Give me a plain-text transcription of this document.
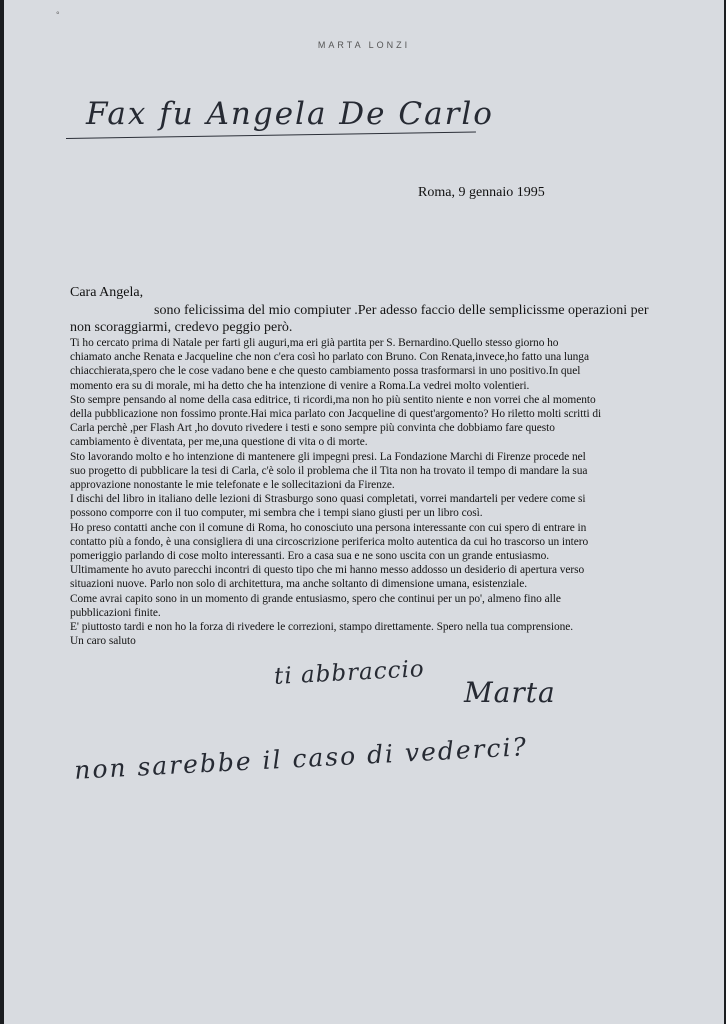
°
MARTA LONZI
Fax fu Angela De Carlo
Roma, 9 gennaio 1995
Cara Angela,

sono felicissima del mio compiuter .Per adesso faccio delle semplicissme operazioni per

non scoraggiarmi, credevo peggio però.

Ti ho cercato prima di Natale per farti gli auguri,ma eri già partita per S. Bernardino.Quello stesso giorno ho

chiamato anche Renata e Jacqueline che non c'era così ho parlato con Bruno. Con Renata,invece,ho fatto una lunga

chiacchierata,spero che le cose vadano bene e che questo cambiamento possa trasformarsi in uno positivo.In quel

momento era su di morale, mi ha detto che ha intenzione di venire a Roma.La vedrei molto volentieri.

Sto sempre pensando al nome della casa editrice, ti ricordi,ma non ho più sentito niente e non vorrei che al momento

della pubblicazione non fossimo pronte.Hai mica parlato con Jacqueline di quest'argomento? Ho riletto molti scritti di

Carla perchè ,per Flash Art ,ho dovuto rivedere i testi e sono sempre più convinta che dobbiamo fare questo

cambiamento è diventata, per me,una questione di vita o di morte.

Sto lavorando molto e ho intenzione di mantenere gli impegni presi. La Fondazione Marchi di Firenze procede nel

suo progetto di pubblicare la tesi di Carla, c'è solo il problema che il Tita non ha trovato il tempo di mandare la sua

approvazione nonostante le mie telefonate e le sollecitazioni da Firenze.

I dischi del libro in italiano delle lezioni di Strasburgo sono quasi completati, vorrei mandarteli per vedere come si

possono comporre con il tuo computer, mi sembra che i tempi siano giusti per un libro così.

Ho preso contatti anche con il comune di Roma, ho conosciuto una persona interessante con cui spero di entrare in

contatto più a fondo, è una consigliera di una circoscrizione periferica molto autentica da cui ho trascorso un intero

pomeriggio parlando di cose molto interessanti. Ero a casa sua e ne sono uscita con un grande entusiasmo.

Ultimamente ho avuto parecchi incontri di questo tipo che mi hanno messo addosso un desiderio di apertura verso

situazioni nuove. Parlo non solo di architettura, ma anche soltanto di dimensione umana, esistenziale.

Come avrai capito sono in un momento di grande entusiasmo, spero che continui per un po', almeno fino alle

pubblicazioni finite.

E' piuttosto tardi e non ho la forza di rivedere le correzioni, stampo direttamente. Spero nella tua comprensione.

Un caro saluto

ti abbraccio
Marta
non sarebbe il caso di vederci?
